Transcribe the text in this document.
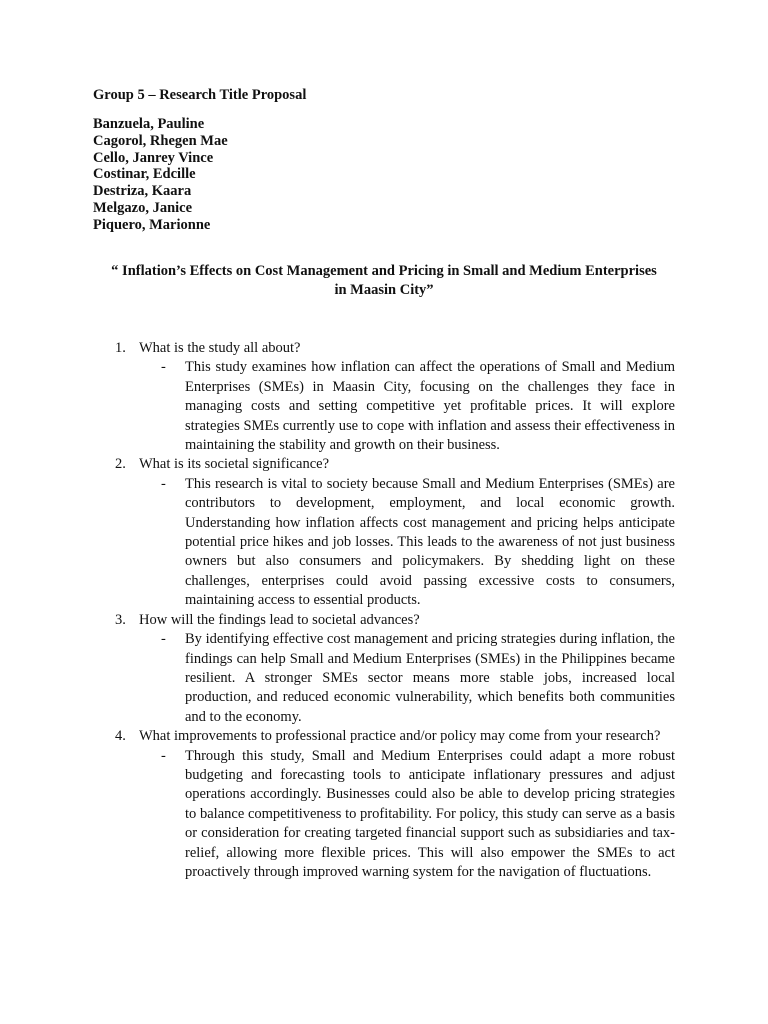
Group 5 – Research Title Proposal
Banzuela, Pauline
Cagorol, Rhegen Mae
Cello, Janrey Vince
Costinar, Edcille
Destriza, Kaara
Melgazo, Janice
Piquero, Marionne
“ Inflation’s Effects on Cost Management and Pricing in Small and Medium Enterprises in Maasin City”
1. What is the study all about?
- This study examines how inflation can affect the operations of Small and Medium Enterprises (SMEs) in Maasin City, focusing on the challenges they face in managing costs and setting competitive yet profitable prices. It will explore strategies SMEs currently use to cope with inflation and assess their effectiveness in maintaining the stability and growth on their business.
2. What is its societal significance?
- This research is vital to society because Small and Medium Enterprises (SMEs) are contributors to development, employment, and local economic growth. Understanding how inflation affects cost management and pricing helps anticipate potential price hikes and job losses. This leads to the awareness of not just business owners but also consumers and policymakers. By shedding light on these challenges, enterprises could avoid passing excessive costs to consumers, maintaining access to essential products.
3. How will the findings lead to societal advances?
- By identifying effective cost management and pricing strategies during inflation, the findings can help Small and Medium Enterprises (SMEs) in the Philippines became resilient. A stronger SMEs sector means more stable jobs, increased local production, and reduced economic vulnerability, which benefits both communities and to the economy.
4. What improvements to professional practice and/or policy may come from your research?
- Through this study, Small and Medium Enterprises could adapt a more robust budgeting and forecasting tools to anticipate inflationary pressures and adjust operations accordingly. Businesses could also be able to develop pricing strategies to balance competitiveness to profitability. For policy, this study can serve as a basis or consideration for creating targeted financial support such as subsidiaries and tax-relief, allowing more flexible prices. This will also empower the SMEs to act proactively through improved warning system for the navigation of fluctuations.
